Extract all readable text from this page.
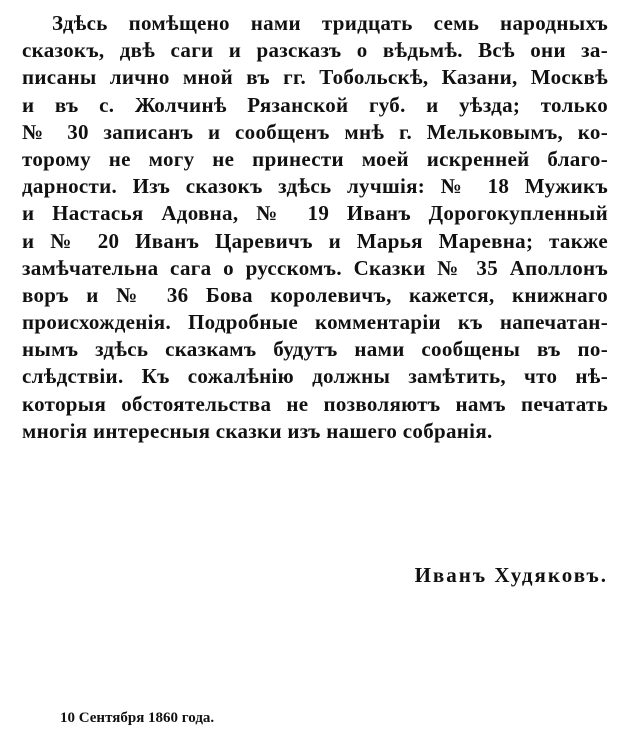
Здѣсь помѣщено нами тридцать семь народныхъ
сказокъ, двѣ саги и разсказъ о вѣдьмѣ. Всѣ они за-
писаны лично мной въ гг. Тобольскѣ, Казани, Москвѣ
и въ с. Жолчинѣ Рязанской губ. и уѣзда; только
№ 30 записанъ и сообщенъ мнѣ г. Мельковымъ, ко-
торому не могу не принести моей искренней благо-
дарности. Изъ сказокъ здѣсь лучшія: № 18 Мужикъ
и Настасья Адовна, № 19 Иванъ Дорогокупленный
и № 20 Иванъ Царевичъ и Марья Маревна; также
замѣчательна сага о русскомъ. Сказки № 35 Аполлонъ
воръ и № 36 Бова королевичъ, кажется, книжнаго
происхожденія. Подробные комментаріи къ напечатан-
нымъ здѣсь сказкамъ будутъ нами сообщены въ по-
слѣдствіи. Къ сожалѣнію должны замѣтить, что нѣ-
которыя обстоятельства не позволяютъ намъ печатать
многія интересныя сказки изъ нашего собранія.
Иванъ Худяковъ.
10 Сентября 1860 года.
